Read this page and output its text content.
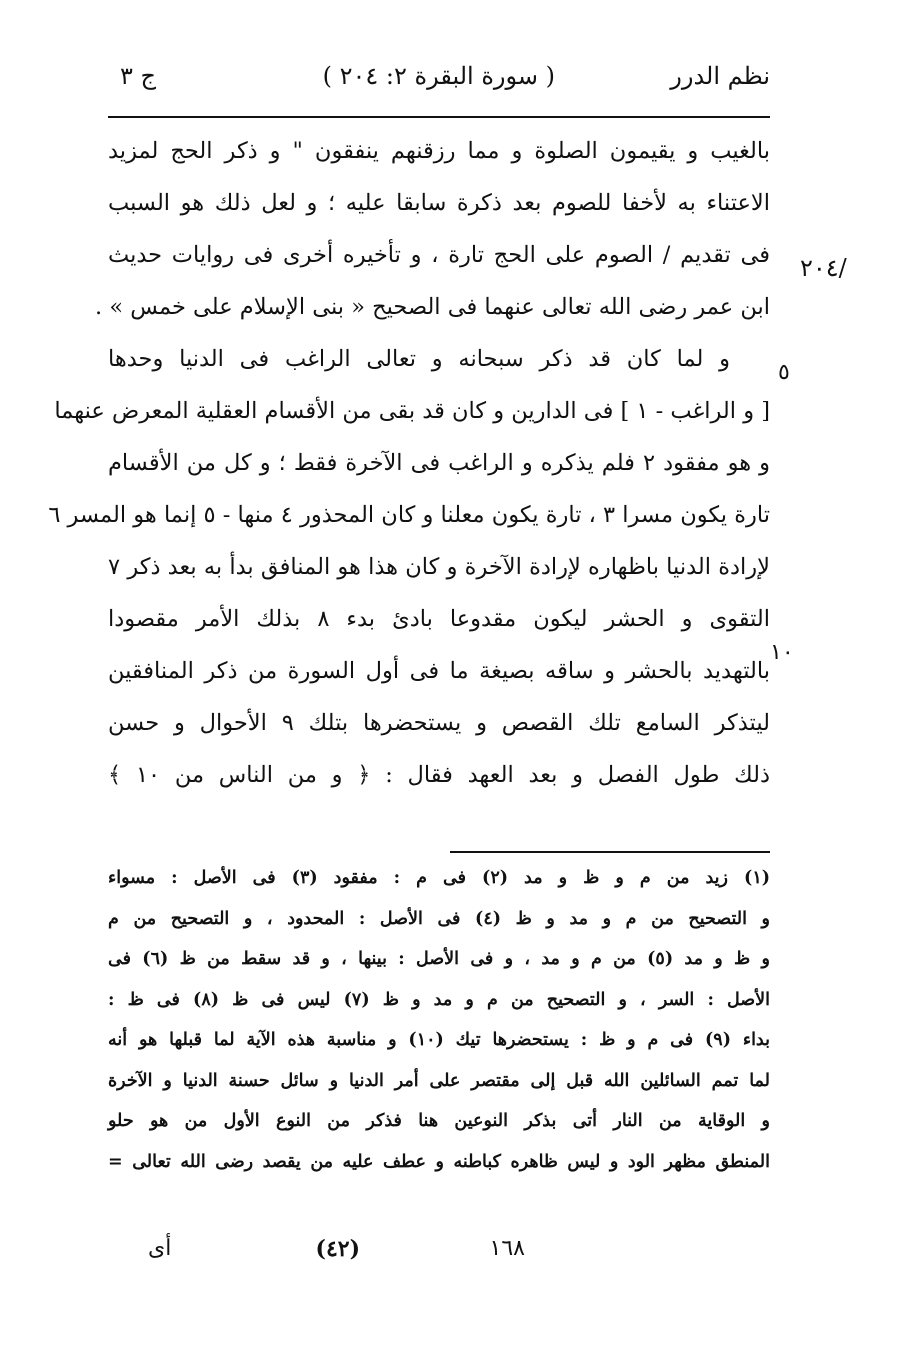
نظم الدرر
( سورة البقرة ٢: ٢٠٤ )
ج ٣
/٢٠٤
٥
١٠
بالغيب و يقيمون الصلوة و مما رزقنهم ينفقون " و ذكر الحج لمزيد
الاعتناء به لأخفا للصوم بعد ذكرة سابقا عليه ؛ و لعل ذلك هو السبب
فى تقديم / الصوم على الحج تارة ، و تأخيره أخرى فى روايات حديث
ابن عمر رضى الله تعالى عنهما فى الصحيح « بنى الإسلام على خمس » .
و لما كان قد ذكر سبحانه و تعالى الراغب فى الدنيا وحدها
[ و الراغب - ١ ] فى الدارين و كان قد بقى من الأقسام العقلية المعرض عنهما
و هو مفقود ٢ فلم يذكره و الراغب فى الآخرة فقط ؛ و كل من الأقسام
تارة يكون مسرا ٣ ، تارة يكون معلنا و كان المحذور ٤ منها - ٥ إنما هو المسر ٦
لإرادة الدنيا باظهاره لإرادة الآخرة و كان هذا هو المنافق بدأ به بعد ذكر ٧
التقوى و الحشر ليكون مقدوعا بادئ بدء ٨ بذلك الأمر مقصودا
بالتهديد بالحشر و ساقه بصيغة ما فى أول السورة من ذكر المنافقين
ليتذكر السامع تلك القصص و يستحضرها بتلك ٩ الأحوال و حسن
ذلك طول الفصل و بعد العهد فقال : ﴿ و من الناس من ١٠ ﴾
(١) زيد من م و ظ و مد (٢) فى م : مفقود (٣) فى الأصل : مسواء
و التصحيح من م و مد و ظ (٤) فى الأصل : المحدود ، و التصحيح من م
و ظ و مد (٥) من م و مد ، و فى الأصل : بينها ، و قد سقط من ظ (٦) فى
الأصل : السر ، و التصحيح من م و مد و ظ (٧) ليس فى ظ (٨) فى ظ :
بداء (٩) فى م و ظ : يستحضرها تيك (١٠) و مناسبة هذه الآية لما قبلها هو أنه
لما تمم السائلين الله قبل إلى مقتصر على أمر الدنيا و سائل حسنة الدنيا و الآخرة
و الوقاية من النار أتى بذكر النوعين هنا فذكر من النوع الأول من هو حلو
المنطق مظهر الود و ليس ظاهره كباطنه و عطف عليه من يقصد رضى الله تعالى =
١٦٨
(٤٢)
أى
